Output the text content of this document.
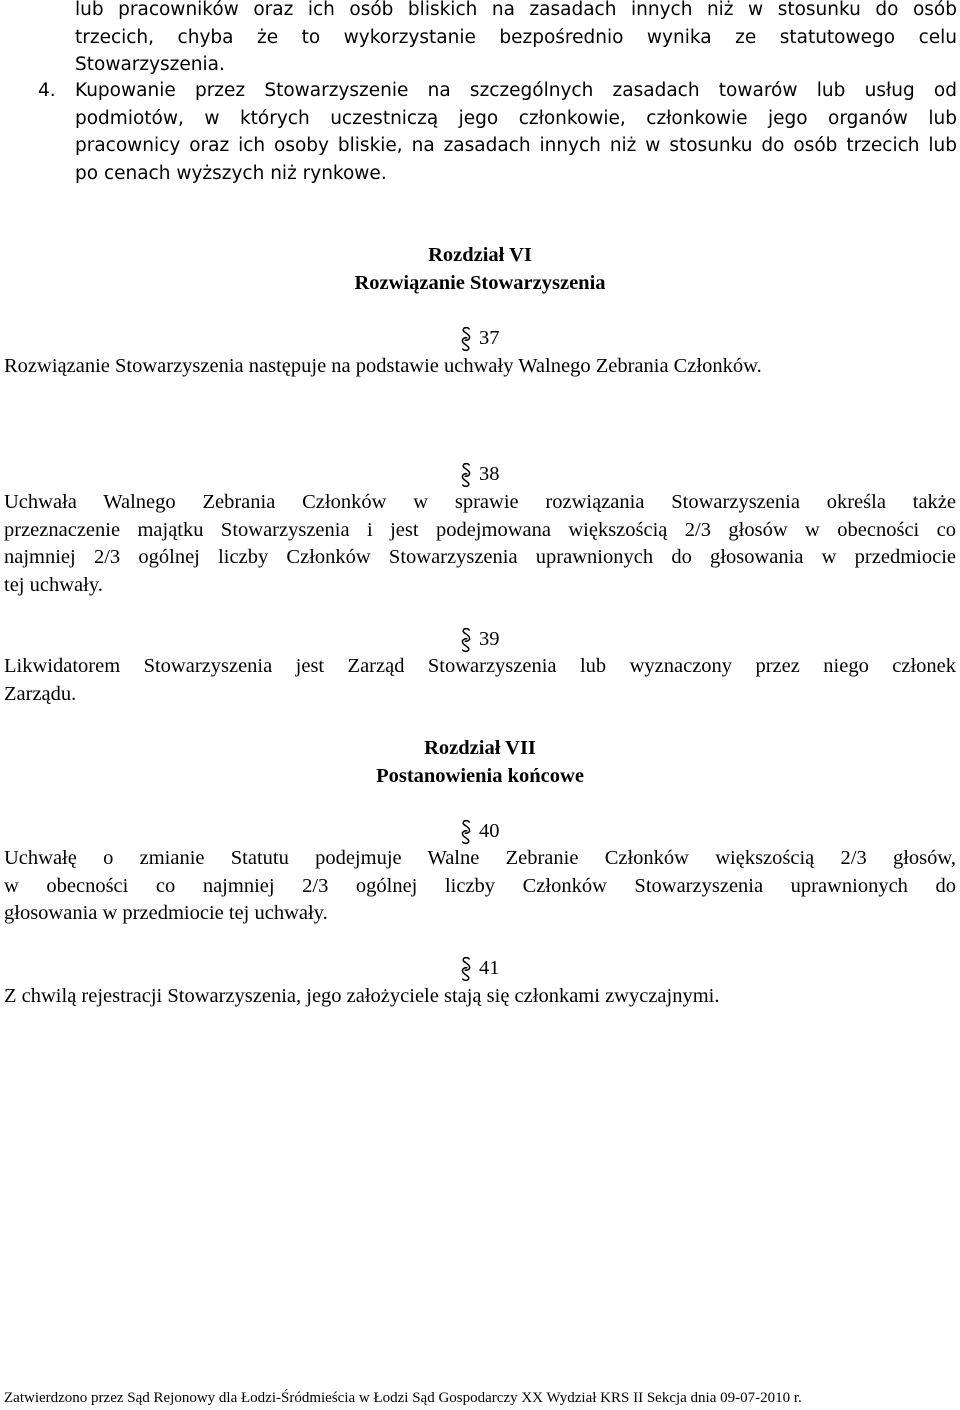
lub pracowników oraz ich osób bliskich na zasadach innych niż w stosunku do osób
trzecich, chyba że to wykorzystanie bezpośrednio wynika ze statutowego celu
Stowarzyszenia.
4.	Kupowanie przez Stowarzyszenie na szczególnych zasadach towarów lub usług od
podmiotów, w których uczestniczą jego członkowie, członkowie jego organów lub
pracownicy oraz ich osoby bliskie, na zasadach innych niż w stosunku do osób trzecich lub
po cenach wyższych niż rynkowe.
Rozdział VI
Rozwiązanie Stowarzyszenia
37
Rozwiązanie Stowarzyszenia następuje na podstawie uchwały Walnego Zebrania Członków.
38
Uchwała Walnego Zebrania Członków w sprawie rozwiązania Stowarzyszenia określa także
przeznaczenie majątku Stowarzyszenia i jest podejmowana większością 2/3 głosów w obecności co
najmniej 2/3 ogólnej liczby Członków Stowarzyszenia uprawnionych do głosowania w przedmiocie
tej uchwały.
39
Likwidatorem Stowarzyszenia jest Zarząd Stowarzyszenia lub wyznaczony przez niego członek
Zarządu.
Rozdział VII
Postanowienia końcowe
40
Uchwałę o zmianie Statutu podejmuje Walne Zebranie Członków większością 2/3 głosów,
w obecności co najmniej 2/3 ogólnej liczby Członków Stowarzyszenia uprawnionych do
głosowania w przedmiocie tej uchwały.
41
Z chwilą rejestracji Stowarzyszenia, jego założyciele stają się członkami zwyczajnymi.
Zatwierdzono przez Sąd Rejonowy dla Łodzi-Śródmieścia w Łodzi Sąd Gospodarczy XX Wydział KRS II Sekcja dnia 09-07-2010 r.
